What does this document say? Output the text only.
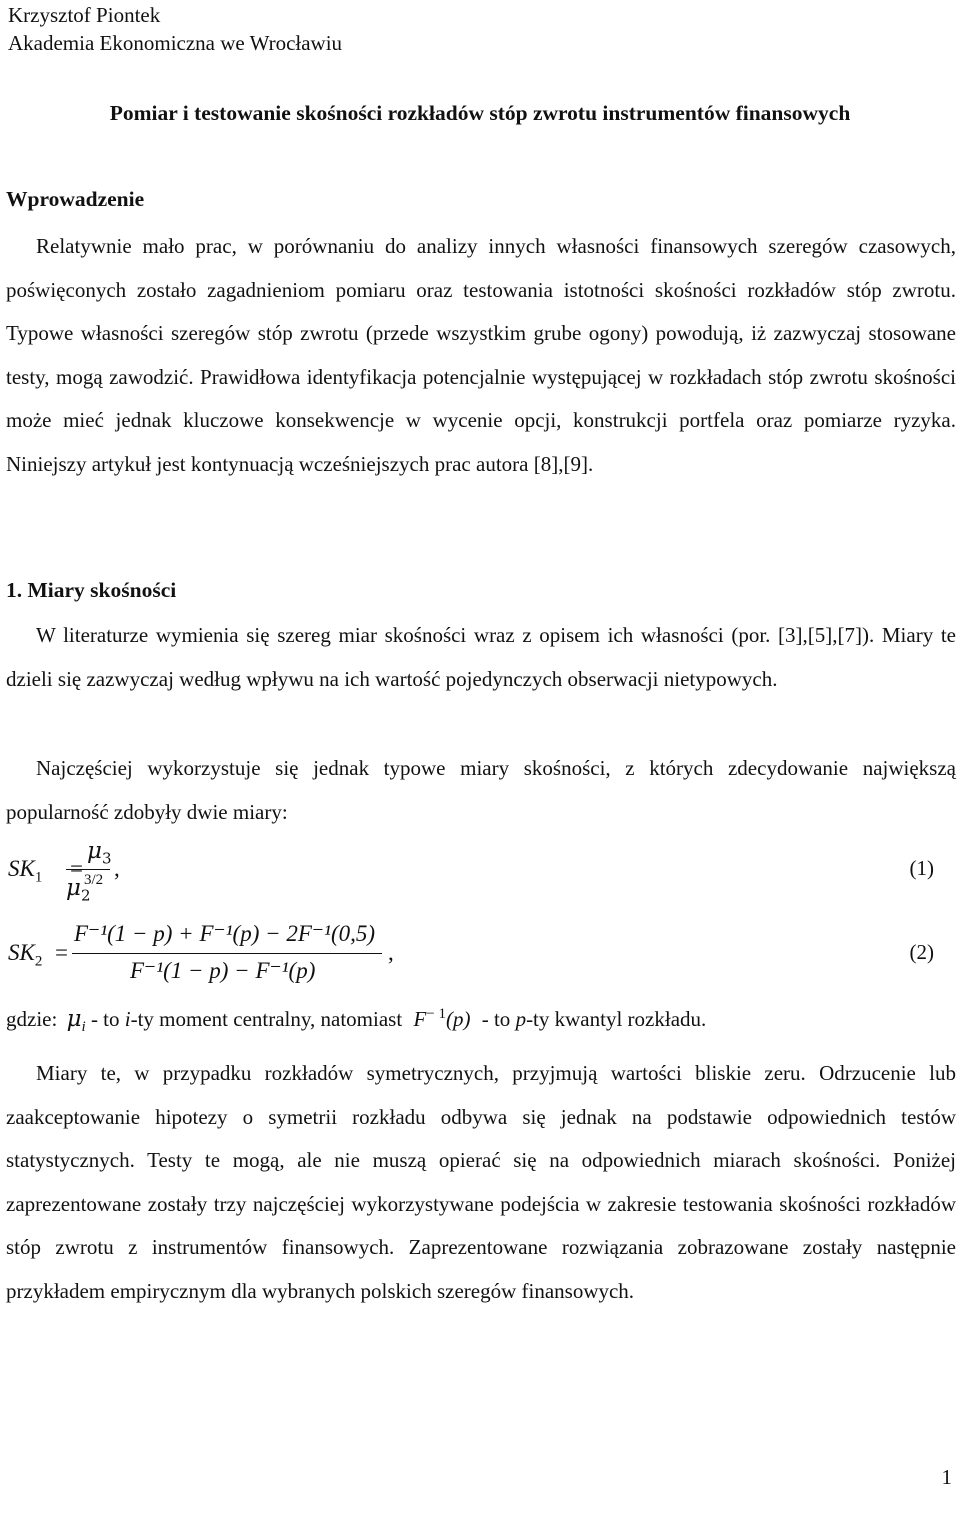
Krzysztof Piontek

Akademia Ekonomiczna we Wrocławiu

Pomiar i testowanie skośności rozkładów stóp zwrotu instrumentów finansowych
Wprowadzenie

Relatywnie mało prac, w porównaniu do analizy innych własności finansowych szeregów czasowych, poświęconych zostało zagadnieniom pomiaru oraz testowania istotności skośności rozkładów stóp zwrotu. Typowe własności szeregów stóp zwrotu (przede wszystkim grube ogony) powodują, iż zazwyczaj stosowane testy, mogą zawodzić. Prawidłowa identyfikacja potencjalnie występującej w rozkładach stóp zwrotu skośności może mieć jednak kluczowe konsekwencje w wycenie opcji, konstrukcji portfela oraz pomiarze ryzyka. Niniejszy artykuł jest kontynuacją wcześniejszych prac autora [8],[9].

1. Miary skośności

W literaturze wymienia się szereg miar skośności wraz z opisem ich własności (por. [3],[5],[7]). Miary te dzieli się zazwyczaj według wpływu na ich wartość pojedynczych obserwacji nietypowych.

Najczęściej wykorzystuje się jednak typowe miary skośności, z których zdecydowanie największą popularność zdobyły dwie miary:

$SK_1$ =
$\mu_3$
$\mu_2$
3/2 ,	(1)
$SK_2$ =
F⁻¹(1 − p) + F⁻¹(p) − 2F⁻¹(0,5)
F⁻¹(1 − p) − F⁻¹(p)
,	(2)
gdzie: $\mu_i$ - to i-ty moment centralny, natomiast $F^{- 1}(p)$ - to p-ty kwantyl rozkładu.

Miary te, w przypadku rozkładów symetrycznych, przyjmują wartości bliskie zeru. Odrzucenie lub zaakceptowanie hipotezy o symetrii rozkładu odbywa się jednak na podstawie odpowiednich testów statystycznych. Testy te mogą, ale nie muszą opierać się na odpowiednich miarach skośności. Poniżej zaprezentowane zostały trzy najczęściej wykorzystywane podejścia w zakresie testowania skośności rozkładów stóp zwrotu z instrumentów finansowych. Zaprezentowane rozwiązania zobrazowane zostały następnie przykładem empirycznym dla wybranych polskich szeregów finansowych.

1
